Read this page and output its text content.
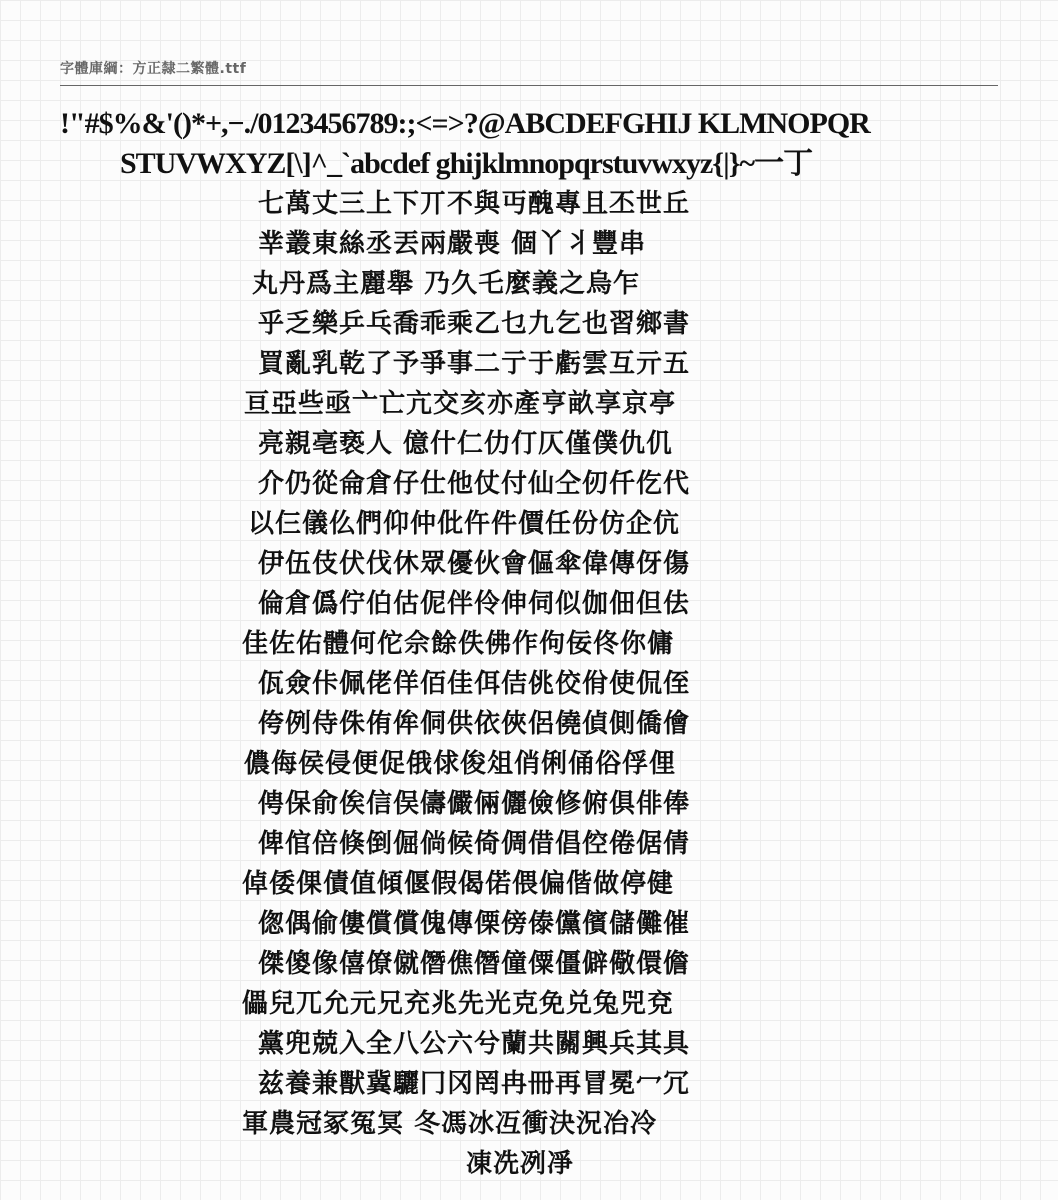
字體庫綱：方正隸二繁體.ttf
!"#$%&'()*+,−./0123456789:;<=>?@ABCDEFGHIJ KLMNOPQR
STUVWXYZ[\]^_`abcdef ghijklmnopqrstuvwxyz{|}~一丁
七萬丈三上下丌不與丏醜專且丕世丘
丵叢東絲丞丟兩嚴喪 個丫丬豐串
丸丹爲主麗舉 乃久乇麼義之烏乍
乎乏樂乒乓喬乖乘乙乜九乞也習鄉書
買亂乳乾了予爭事二亍于虧雲互亓五
亘亞些亟亠亡亢交亥亦產亨畝享京亭
亮親亳亵人 億什仁仂仃仄僅僕仇仉
介仍從侖倉仔仕他仗付仙仝仞仟仡代
以仨儀仫們仰仲仳仵件價任份仿企伉
伊伍伎伏伐休眾優伙會傴傘偉傳伢傷
倫倉僞佇伯估伲伴伶伸伺似伽佃但佉
佳佐佑體何佗佘餘佚佛作佝佞佟你傭
佤僉佧佩佬佯佰佳佴佶佻佼佾使侃侄
侉例侍侏侑侔侗供依俠侶僥偵側僑儈
儂侮侯侵便促俄俅俊俎俏俐俑俗俘俚
俜保俞俟信俣儔儼倆儷儉修俯俱俳俸
俾倌倍倏倒倔倘候倚倜借倡倥倦倨倩
倬倭倮債值傾偃假偈偌偎偏偕做停健
偬偶偷僂償償傀傳傈傍傣儻儐儲儺催
傑傻像僖僚僦僭僬僭僮僳僵僻儆儇儋
儡兒兀允元兄充兆先光克免兑兔兕兗
黨兜兢入全八公六兮蘭共關興兵其具
兹養兼獸冀驪冂冈罔冉冊再冒冕冖冗
軍農冠冢冤冥 冬馮冰冱衝決況冶冷
凍冼冽凈
